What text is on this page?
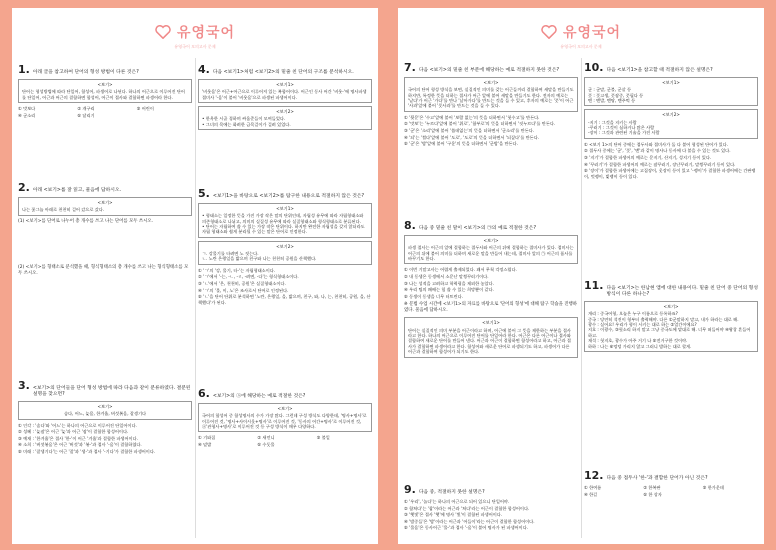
유영국어
유영국어 모의고사 문제
1. 아래 글을 참고하여 단어의 형성 방법이 다른 것은?
<보기>
단어는 형성방법에 따라 단일어, 합성어, 파생어로 나뉜다. 하나의 어근으로 이루어진 단어를 단일어, 어근과 어근의 결합하면 합성어, 어근이 접사와 결합하면 파생어라 한다.
① 맛보다	② 개구리	③ 어린이
④ 군소리	⑤ 달리기
2. 아래 <보기>를 잘 읽고, 물음에 답하시오.
<보기>
나는 꽃그늘 아래로 천천히 걸어 갔으로 갔다.
(1) <보기>를 단어로 나누어 총 개수를 쓰고 나는 단어를 모두 쓰시오.
(2) <보기>를 형태소로 분석했을 때, 형식형태소의 총 개수를 쓰고 나는 형식형태소를 모두 쓰시오.
3. <보기>의 단어들을 단어 형성 방법에 따라 다음과 같이 분류하였다. 결분된 설명을 찾으면?
<보기>
솜다, 어느, 늦몸, 한겨울, 버섯볶음, 잘생기다
① 인각 : '솜다'와 '어느'는 하나의 어근으로 이루어진 단일어이다.
② 성혜 : '늦잠'은 어근 '늦'과 어근 '잠'이 결합한 합성어이다.
③ 예재 : '한겨울'은 접사 '한-'이 어근 '겨울'과 결합한 파생어이다.
④ 소희 : '버섯볶음'은 어근 '버섯'과 '볶-'과 접사 '-음'이 결합하였다.
⑤ 미래 : '잘생기다'는 어근 '잘'과 '생-'과 접사 '-기다'가 결합한 파생어이다.
4. 다음 <보기1>처럼 <보기2>의 밑줄 친 단어의 구조를 분석하시오.
<보기1>
'비웃음'은 어근+어근으로 이루어져 있는 복합어이다. 어근인 동사 어간 '비웃-'에 명사파생접미사 '-음'이 붙어 '비웃음'으로 파생된 파생어이다.
<보기2>
• 한옥한 시골 경하며 싸움준들이 모여들었다.
• 그녀의 목에는 화려한 금목걸이가 걸려 있었다.
5. <보기1>을 바탕으로 <보기2>를 탐구한 내용으로 적절하지 않은 것은?
<보기1>
• 형태소는 일정한 뜻을 가진 가장 작은 말의 단위인데, 자립성 유무에 따라 자립형태소와 의존형태소로 나뉘고, 의미의 실질성 유무에 따라 실질형태소와 형식형태소로 분류된다.
• 단어는 자립하여 쓸 수 있는 가장 작은 단위이다. 하지만 완전한 자립성을 갖지 않더라도 자립 형태소와 쉽게 분리될 수 있는 말은 단어로 인정한다.
<보기2>
ㄱ. 강물기를 타려면 노 젓는다.
ㄴ. 노란 은행잎을 밟으며 친구와 나는 천천히 공원을 산책했다.
① 'ㄱ'의 '강, 물기, 타-'는 자립형태소이다.
② 'ㄱ'에서 '-는, -ㄴ, -ㄹ, -려면, -다'는 형식형태소이다.
③ 'ㄴ'에서 '은, 천천히, 공원'은 실질형태소이다.
④ 'ㄱ'의 '물, 이, 노'은 조사로서 단어로 인정된다.
⑤ 'ㄴ'을 단어 단위로 분석하면 '노란, 은행잎, 을, 밟으며, 친구, 와, 나, 는, 천천히, 공원, 을, 산책했다'가 된다.
6. <보기>의 ⓐ에 해당하는 예로 적절한 것은?
<보기>
국어의 합성어 중 합성명사의 수가 가장 많다. 그런데 구성 방식도 다양한데, '명사+명사'로 이루어진 것, '명사+사이시옷+명사'로 이루어진 것, '동사의 어간+명사'로 이루어진 것, ⓐ'관형사+명사'로 이루어진 것 등 구성 방식이 매우 다양하다.
① 기와집	② 새언니	③ 볼일
④ 덮밥	⑤ 수돗물
유영국어
유영국어 모의고사 문제
7. 다음 <보기>의 밑줄 친 부분에 해당하는 예로 적절하지 못한 것은?
<보기>
국어의 단어 형성 방식을 보면, 실질적인 의미를 갖는 어근들끼리 결합하여 새말을 만들기도 하지만, 특정한 뜻을 더하는 접사가 어근 앞에 붙어 새말을 만들기도 한다. 전자의 예로는 '날다'가 어근 '가다'를 만나 '날아가다'를 만드는 것을 들 수 있고, 후자의 예로는 '풋'이 어근 '사과'앞에 붙어 '풋사과'를 만드는 것을 들 수 있다.
① '뒷문'은 '수고'앞에 붙어 '보람 없는'의 뜻을 더하면서 '헛수고'를 만든다.
② '맛보'는 '누르다'앞에 붙어 '위로', '함부로'의 뜻을 더하면서 '짓누르다'를 만든다.
③ '군'은 '소리'앞에 붙어 '쓸데없는'의 뜻을 더하면서 '군소리'를 만든다.
④ '되'는 '썰다'앞에 붙어 '도로', '도로'의 뜻을 더하면서 '되짚다'를 만든다.
⑤ '군'은 '밤'앞에 붙어 '구운'의 뜻을 더하면서 '군밤'을 만든다.
8. 다음 중 밑줄 친 말이 <보기>의 ㉠의 예로 적절한 것은?
<보기>
파생 접사는 어근의 앞에 결합하는 접두사와 어근의 뒤에 결합하는 접미사가 있다. 접미사는 어근의 뒤에 붙어 의미를 더하며 새로운 말을 만들어 내는데, 접미사 앞의 ㉠ 어근의 품사를 바꾸기도 한다.
① 이번 기말고사는 어렵게 출제되었다. 꽤서 무척 걱정스럽다.
② 내 동생은 동생에서 소문난 말썽꾸러기이다.
③ 나는 성적을 고려하고 학력평을 제외한 놓았다.
④ 우리 팀의 패배는 힘 쓸 수 있는 희망뿐이 같다.
⑤ 동생이 동생을 너무 터트린다.
※ 문법 수업 시간에 <보기1>의 자료를 바탕으로 '단어의 형성'에 대해 탐구 학습을 진행하였다. 물음에 답하시오.
<보기1>
단어는 실질적인 의미 부분을 어근이라고 하며, 어근에 붙어 그 뜻을 제한하는 부분을 접사라고 한다. 하나의 어근으로 이루어진 단어를 단일어라 한다. 어근은 다른 어근이나 접사와 결합하여 새로운 단어를 만들어 낸다. 어근과 어근이 결합하면 합성어라고 하고, 어근과 접사가 결합하면 파생어라고 한다. 합성어와 새로운 단어로 파생되기도 하고, 파생어가 다른 어근과 결합하여 합성어가 되기도 한다.
9. 다음 중, 적절하지 못한 설명은?
① '우리', '놀다'는 하나의 어근으로 되어 있으니 단일어야.
② 합쳐다'는 '찹'이라는 어근과 '쳐다'라는 어근이 결합한 합성어이다.
③ '햇빛'은 접사 '햇'에 명사 '빛'이 결합된 파생어이다.
④ '밤중들'은 '밤'이라는 어근과 '어들이'라는 어근이 결합한 합성어이다.
⑤ '물음'은 동사어근 '물-'과 접사 '-음'이 붙어 명사가 된 파생어이다.
10. 다음 <보기1>을 참고할 때 적절하지 않은 설명은?
<보기1>
군 : 군말, 군불, 군살 등
풋 : 풋고생, 풋잠중, 풋필다 등
맨 : 맨발, 맨땅, 맨주먹 등
<보기2>
-지기 : 그것을 지키는 사람
-꾸러기 : 그것이 심하거나 많은 사람
-장이 : 그것과 관련된 기술을 가진 사람
① <보기 1>의 단어 중에는 접두사와 접미사가 둘 다 붙어 형성된 단어가 있다.
② 접두사 중에는 '군', '풋', '맨'과 같이 명사나 동사에 다 붙을 수 있는 것도 있다.
③ '지기'가 결합한 파생어의 예로는 문지기, 산지기, 성지기 등이 있다.
④ '꾸러기'가 결합한 파생어의 예로는 잠꾸러기, 장난꾸러기, 말썽꾸러기 등이 있다.
⑤ '장이'가 결합한 파생어에는 고집장이, 옷장이 등이 있고 '-쟁이'가 결합한 파생어에는 간판쟁이, 멋쟁이, 빚쟁이 등이 있다.
11. 다음 <보기>는 한남현 앱에 대한 내용이다. 밑줄 친 단어 중 단어의 형성 방식이 다른 하나는?
<보기>
개리 : 중국어형, 오늘은 누구 이름으로 등록하죠?
중국 : 당연히 석진이 형부터 출력해야. 다른 ①군말하지 말고, 내가 하라는 대로 해.
광수 : 실어요! 우리가 형이 시키는 대로 하는 ②얼간이에요?
지호 : 이광수, ③헛소리 하지 말고 그냥 중국도에 맡대로 해. 너무 떠들어야 ④왕창 흔들어하고.
재석 : 헛지호, 광수가 아주 거기 나 ⑤전거구한 것이야.
하하 : 나는 ⑥엉덩 가리지 않고 그러니 밤하는 대로 할게.
12. 다음 중 접두사 '한-'과 결합한 단어가 아닌 것은?
① 한여름	② 한복판	③ 한가운데
④ 한길	⑤ 한 상자
